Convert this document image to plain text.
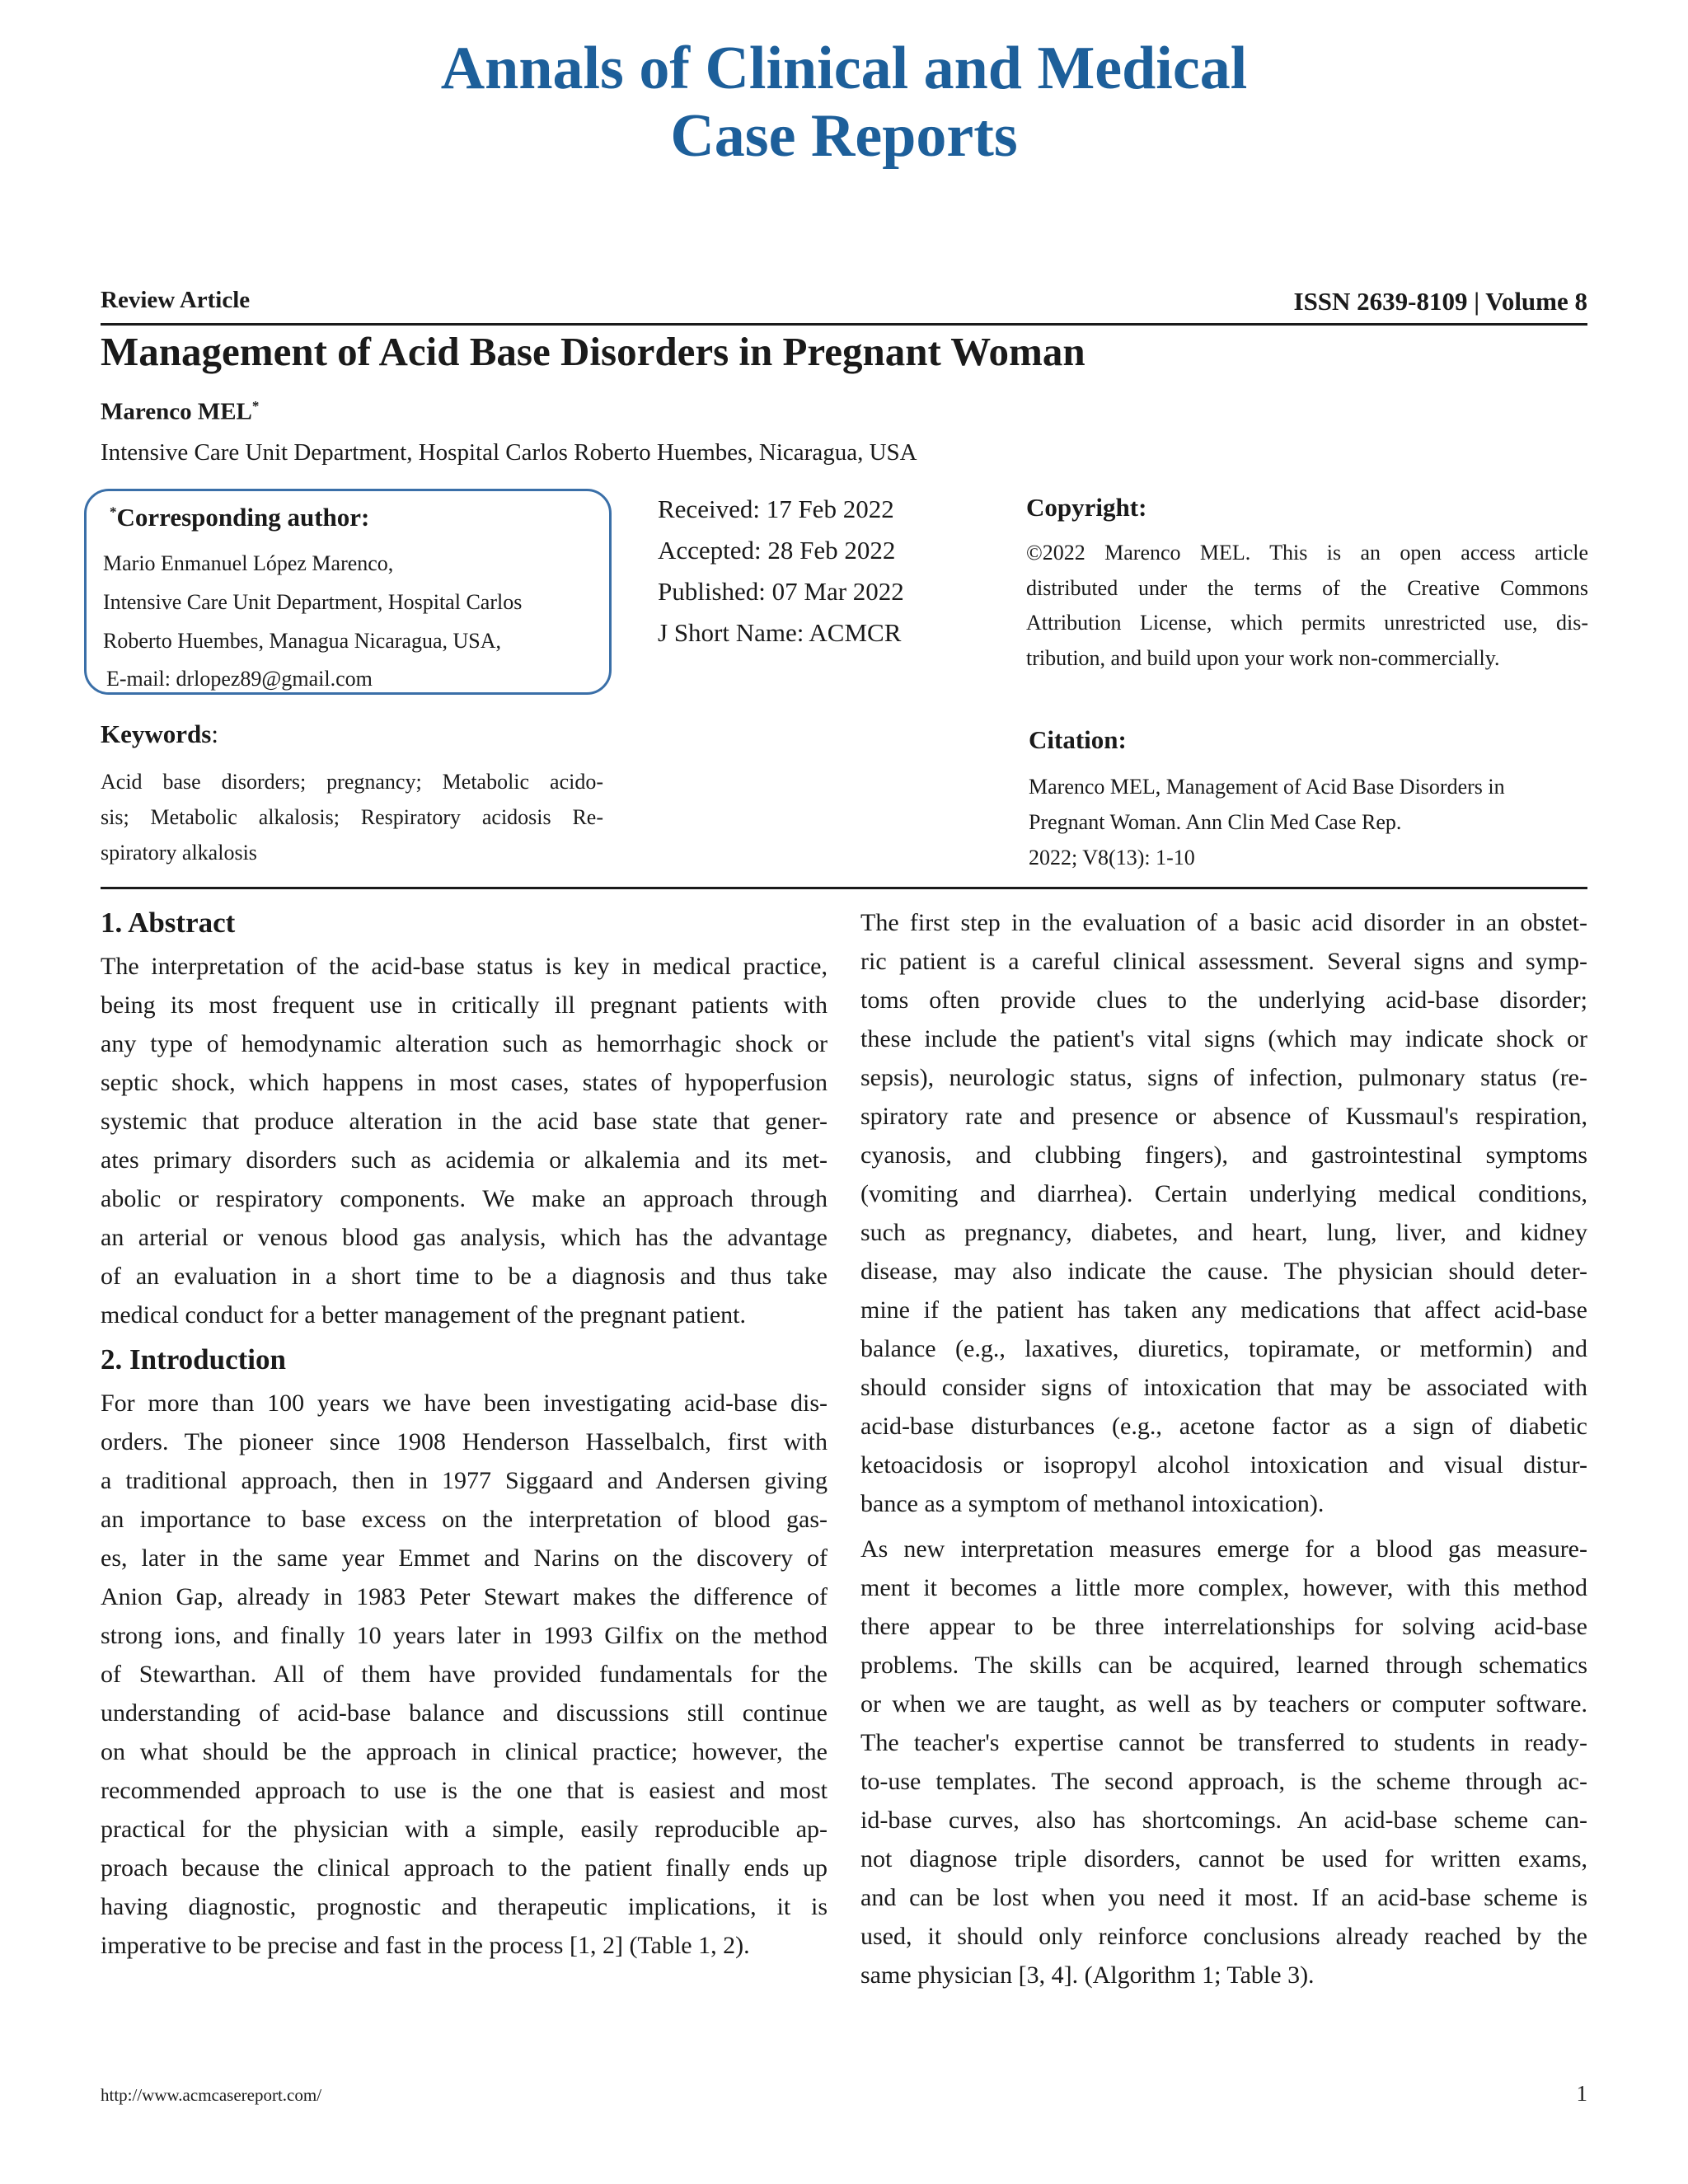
Annals of Clinical and Medical
Case Reports
Review Article	ISSN 2639-8109 | Volume 8
Management of Acid Base Disorders in Pregnant Woman
Marenco MEL*
Intensive Care Unit Department, Hospital Carlos Roberto Huembes, Nicaragua, USA
*Corresponding author:
Mario Enmanuel López Marenco,
Intensive Care Unit Department, Hospital Carlos
Roberto Huembes, Managua Nicaragua, USA,
E-mail: drlopez89@gmail.com
Received: 17 Feb 2022
Accepted: 28 Feb 2022
Published: 07 Mar 2022
J Short Name: ACMCR
Copyright:
©2022 Marenco MEL. This is an open access article
distributed under the terms of the Creative Commons
Attribution License, which permits unrestricted use, dis-
tribution, and build upon your work non-commercially.
Keywords:
Acid base disorders; pregnancy; Metabolic acido-
sis; Metabolic alkalosis; Respiratory acidosis Re-
spiratory alkalosis
Citation:
Marenco MEL, Management of Acid Base Disorders in
Pregnant Woman. Ann Clin Med Case Rep.
2022; V8(13): 1-10
1. Abstract
The interpretation of the acid-base status is key in medical practice,
being its most frequent use in critically ill pregnant patients with
any type of hemodynamic alteration such as hemorrhagic shock or
septic shock, which happens in most cases, states of hypoperfusion
systemic that produce alteration in the acid base state that gener-
ates primary disorders such as acidemia or alkalemia and its met-
abolic or respiratory components. We make an approach through
an arterial or venous blood gas analysis, which has the advantage
of an evaluation in a short time to be a diagnosis and thus take
medical conduct for a better management of the pregnant patient.
2. Introduction
For more than 100 years we have been investigating acid-base dis-
orders. The pioneer since 1908 Henderson Hasselbalch, first with
a traditional approach, then in 1977 Siggaard and Andersen giving
an importance to base excess on the interpretation of blood gas-
es, later in the same year Emmet and Narins on the discovery of
Anion Gap, already in 1983 Peter Stewart makes the difference of
strong ions, and finally 10 years later in 1993 Gilfix on the method
of Stewarthan. All of them have provided fundamentals for the
understanding of acid-base balance and discussions still continue
on what should be the approach in clinical practice; however, the
recommended approach to use is the one that is easiest and most
practical for the physician with a simple, easily reproducible ap-
proach because the clinical approach to the patient finally ends up
having diagnostic, prognostic and therapeutic implications, it is
imperative to be precise and fast in the process [1, 2] (Table 1, 2).
The first step in the evaluation of a basic acid disorder in an obstet-
ric patient is a careful clinical assessment. Several signs and symp-
toms often provide clues to the underlying acid-base disorder;
these include the patient's vital signs (which may indicate shock or
sepsis), neurologic status, signs of infection, pulmonary status (re-
spiratory rate and presence or absence of Kussmaul's respiration,
cyanosis, and clubbing fingers), and gastrointestinal symptoms
(vomiting and diarrhea). Certain underlying medical conditions,
such as pregnancy, diabetes, and heart, lung, liver, and kidney
disease, may also indicate the cause. The physician should deter-
mine if the patient has taken any medications that affect acid-base
balance (e.g., laxatives, diuretics, topiramate, or metformin) and
should consider signs of intoxication that may be associated with
acid-base disturbances (e.g., acetone factor as a sign of diabetic
ketoacidosis or isopropyl alcohol intoxication and visual distur-
bance as a symptom of methanol intoxication).
As new interpretation measures emerge for a blood gas measure-
ment it becomes a little more complex, however, with this method
there appear to be three interrelationships for solving acid-base
problems. The skills can be acquired, learned through schematics
or when we are taught, as well as by teachers or computer software.
The teacher's expertise cannot be transferred to students in ready-
to-use templates. The second approach, is the scheme through ac-
id-base curves, also has shortcomings. An acid-base scheme can-
not diagnose triple disorders, cannot be used for written exams,
and can be lost when you need it most. If an acid-base scheme is
used, it should only reinforce conclusions already reached by the
same physician [3, 4]. (Algorithm 1; Table 3).
http://www.acmcasereport.com/	1
